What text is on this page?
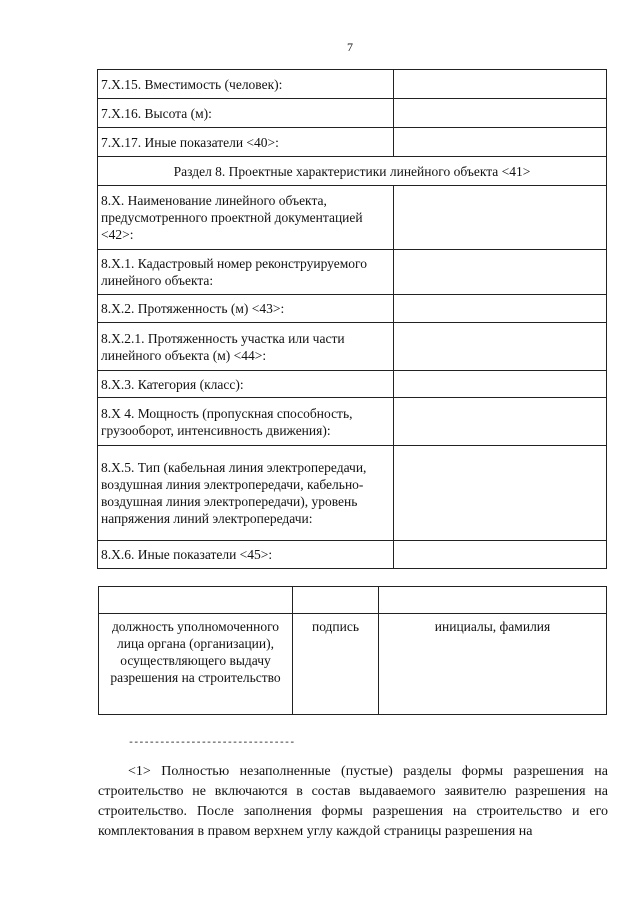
7
7.Х.15. Вместимость (человек):	
7.Х.16. Высота (м):	
7.Х.17. Иные показатели <40>:	
Раздел 8. Проектные характеристики линейного объекта <41>	
8.Х. Наименование линейного объекта, предусмотренного проектной документацией <42>:	
8.Х.1. Кадастровый номер реконструируемого линейного объекта:	
8.Х.2. Протяженность (м) <43>:	
8.Х.2.1. Протяженность участка или части линейного объекта (м) <44>:	
8.Х.3. Категория (класс):	
8.Х 4. Мощность (пропускная способность, грузооборот, интенсивность движения):	
8.Х.5. Тип (кабельная линия электропередачи, воздушная линия электропередачи, кабельно-воздушная линия электропередачи), уровень напряжения линий электропередачи:	
8.Х.6. Иные показатели <45>:	

должность уполномоченного лица органа (организации), осуществляющего выдачу разрешения на строительство	подпись	инициалы, фамилия
--------------------------------

<1> Полностью незаполненные (пустые) разделы формы разрешения на строительство не включаются в состав выдаваемого заявителю разрешения на строительство. После заполнения формы разрешения на строительство и его комплектования в правом верхнем углу каждой страницы разрешения на
